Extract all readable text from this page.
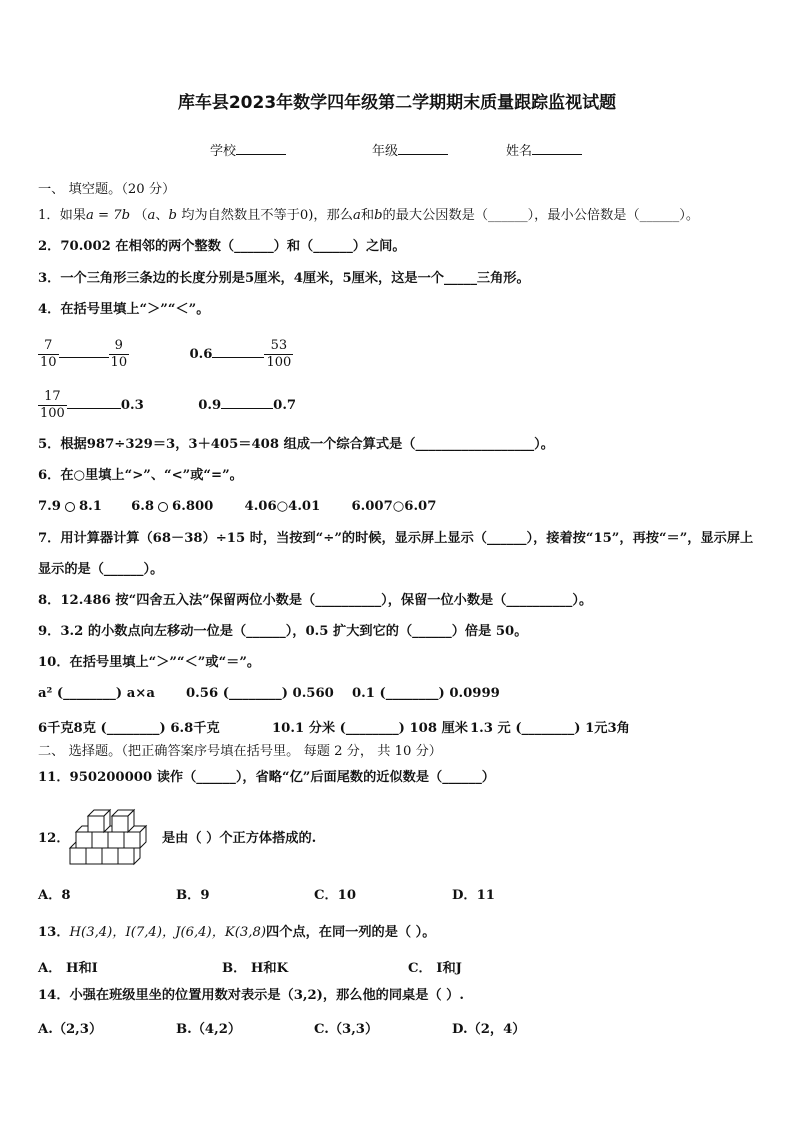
库车县2023年数学四年级第二学期期末质量跟踪监视试题
学校	年级	姓名
一、 填空题。（20 分）
1．如果a = 7b （a、b 均为自然数且不等于0)，那么a和b的最大公因数是（______），最小公倍数是（______）。
2．70.002 在相邻的两个整数（______）和（______）之间。
3．一个三角形三条边的长度分别是5厘米，4厘米，5厘米，这是一个_____三角形。
4．在括号里填上“＞”“＜”。
$\frac{7}{10}$	$\frac{9}{10}$	0.6	$\frac{53}{100}$
$\frac{17}{100}$	0.3	0.9	0.7
5．根据987÷329＝3，3＋405＝408 组成一个综合算式是（__________________）。
6．在○里填上“>”、“<”或“=”。
7.9 8.1 6.8 6.800 4.06○4.01 6.007○6.07
7．用计算器计算（68－38）÷15 时，当按到“÷”的时候，显示屏上显示（______），接着按“15”，再按“＝”，显示屏上
显示的是（______）。
8．12.486 按“四舍五入法”保留两位小数是（__________），保留一位小数是（__________）。
9．3.2 的小数点向左移动一位是（______），0.5 扩大到它的（______）倍是 50。
10．在括号里填上“＞”“＜”或“＝”。
a² (________) a×a 0.56 (________) 0.560 0.1 (________) 0.0999
6千克8克 (________) 6.8千克	10.1 分米 (________) 108 厘米 1.3 元 (________) 1元3角
二、 选择题。（把正确答案序号填在括号里。 每题 2 分， 共 10 分）
11．950200000 读作（______），省略“亿”后面尾数的近似数是（______）
12．	是由（ ）个正方体搭成的.
A．8	B．9	C．10	D．11
13．H(3,4)，I(7,4)，J(6,4)，K(3,8)四个点，在同一列的是（ ）。
A． H和I	B． H和K	C． I和J
14．小强在班级里坐的位置用数对表示是（3,2)，那么他的同桌是（ ）.
A.（2,3）	B.（4,2）	C.（3,3）	D.（2，4）
